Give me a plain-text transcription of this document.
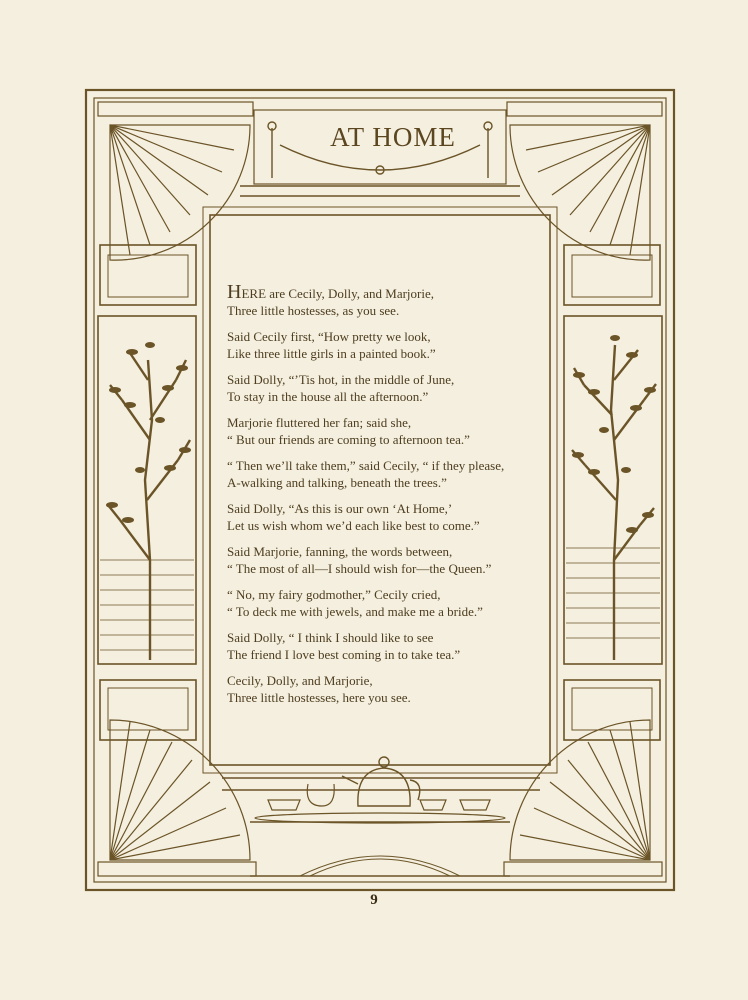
AT HOME

HERE are Cecily, Dolly, and Marjorie,
Three little hostesses, as you see.

Said Cecily first, “How pretty we look,
Like three little girls in a painted book.”

Said Dolly, “’Tis hot, in the middle of June,
To stay in the house all the afternoon.”

Marjorie fluttered her fan; said she,
“ But our friends are coming to afternoon tea.”

“ Then we’ll take them,” said Cecily, “ if they please,
A-walking and talking, beneath the trees.”

Said Dolly, “As this is our own ‘At Home,’
Let us wish whom we’d each like best to come.”

Said Marjorie, fanning, the words between,
“ The most of all—I should wish for—the Queen.”

“ No, my fairy godmother,” Cecily cried,
“ To deck me with jewels, and make me a bride.”

Said Dolly, “ I think I should like to see
The friend I love best coming in to take tea.”

Cecily, Dolly, and Marjorie,
Three little hostesses, here you see.

9
